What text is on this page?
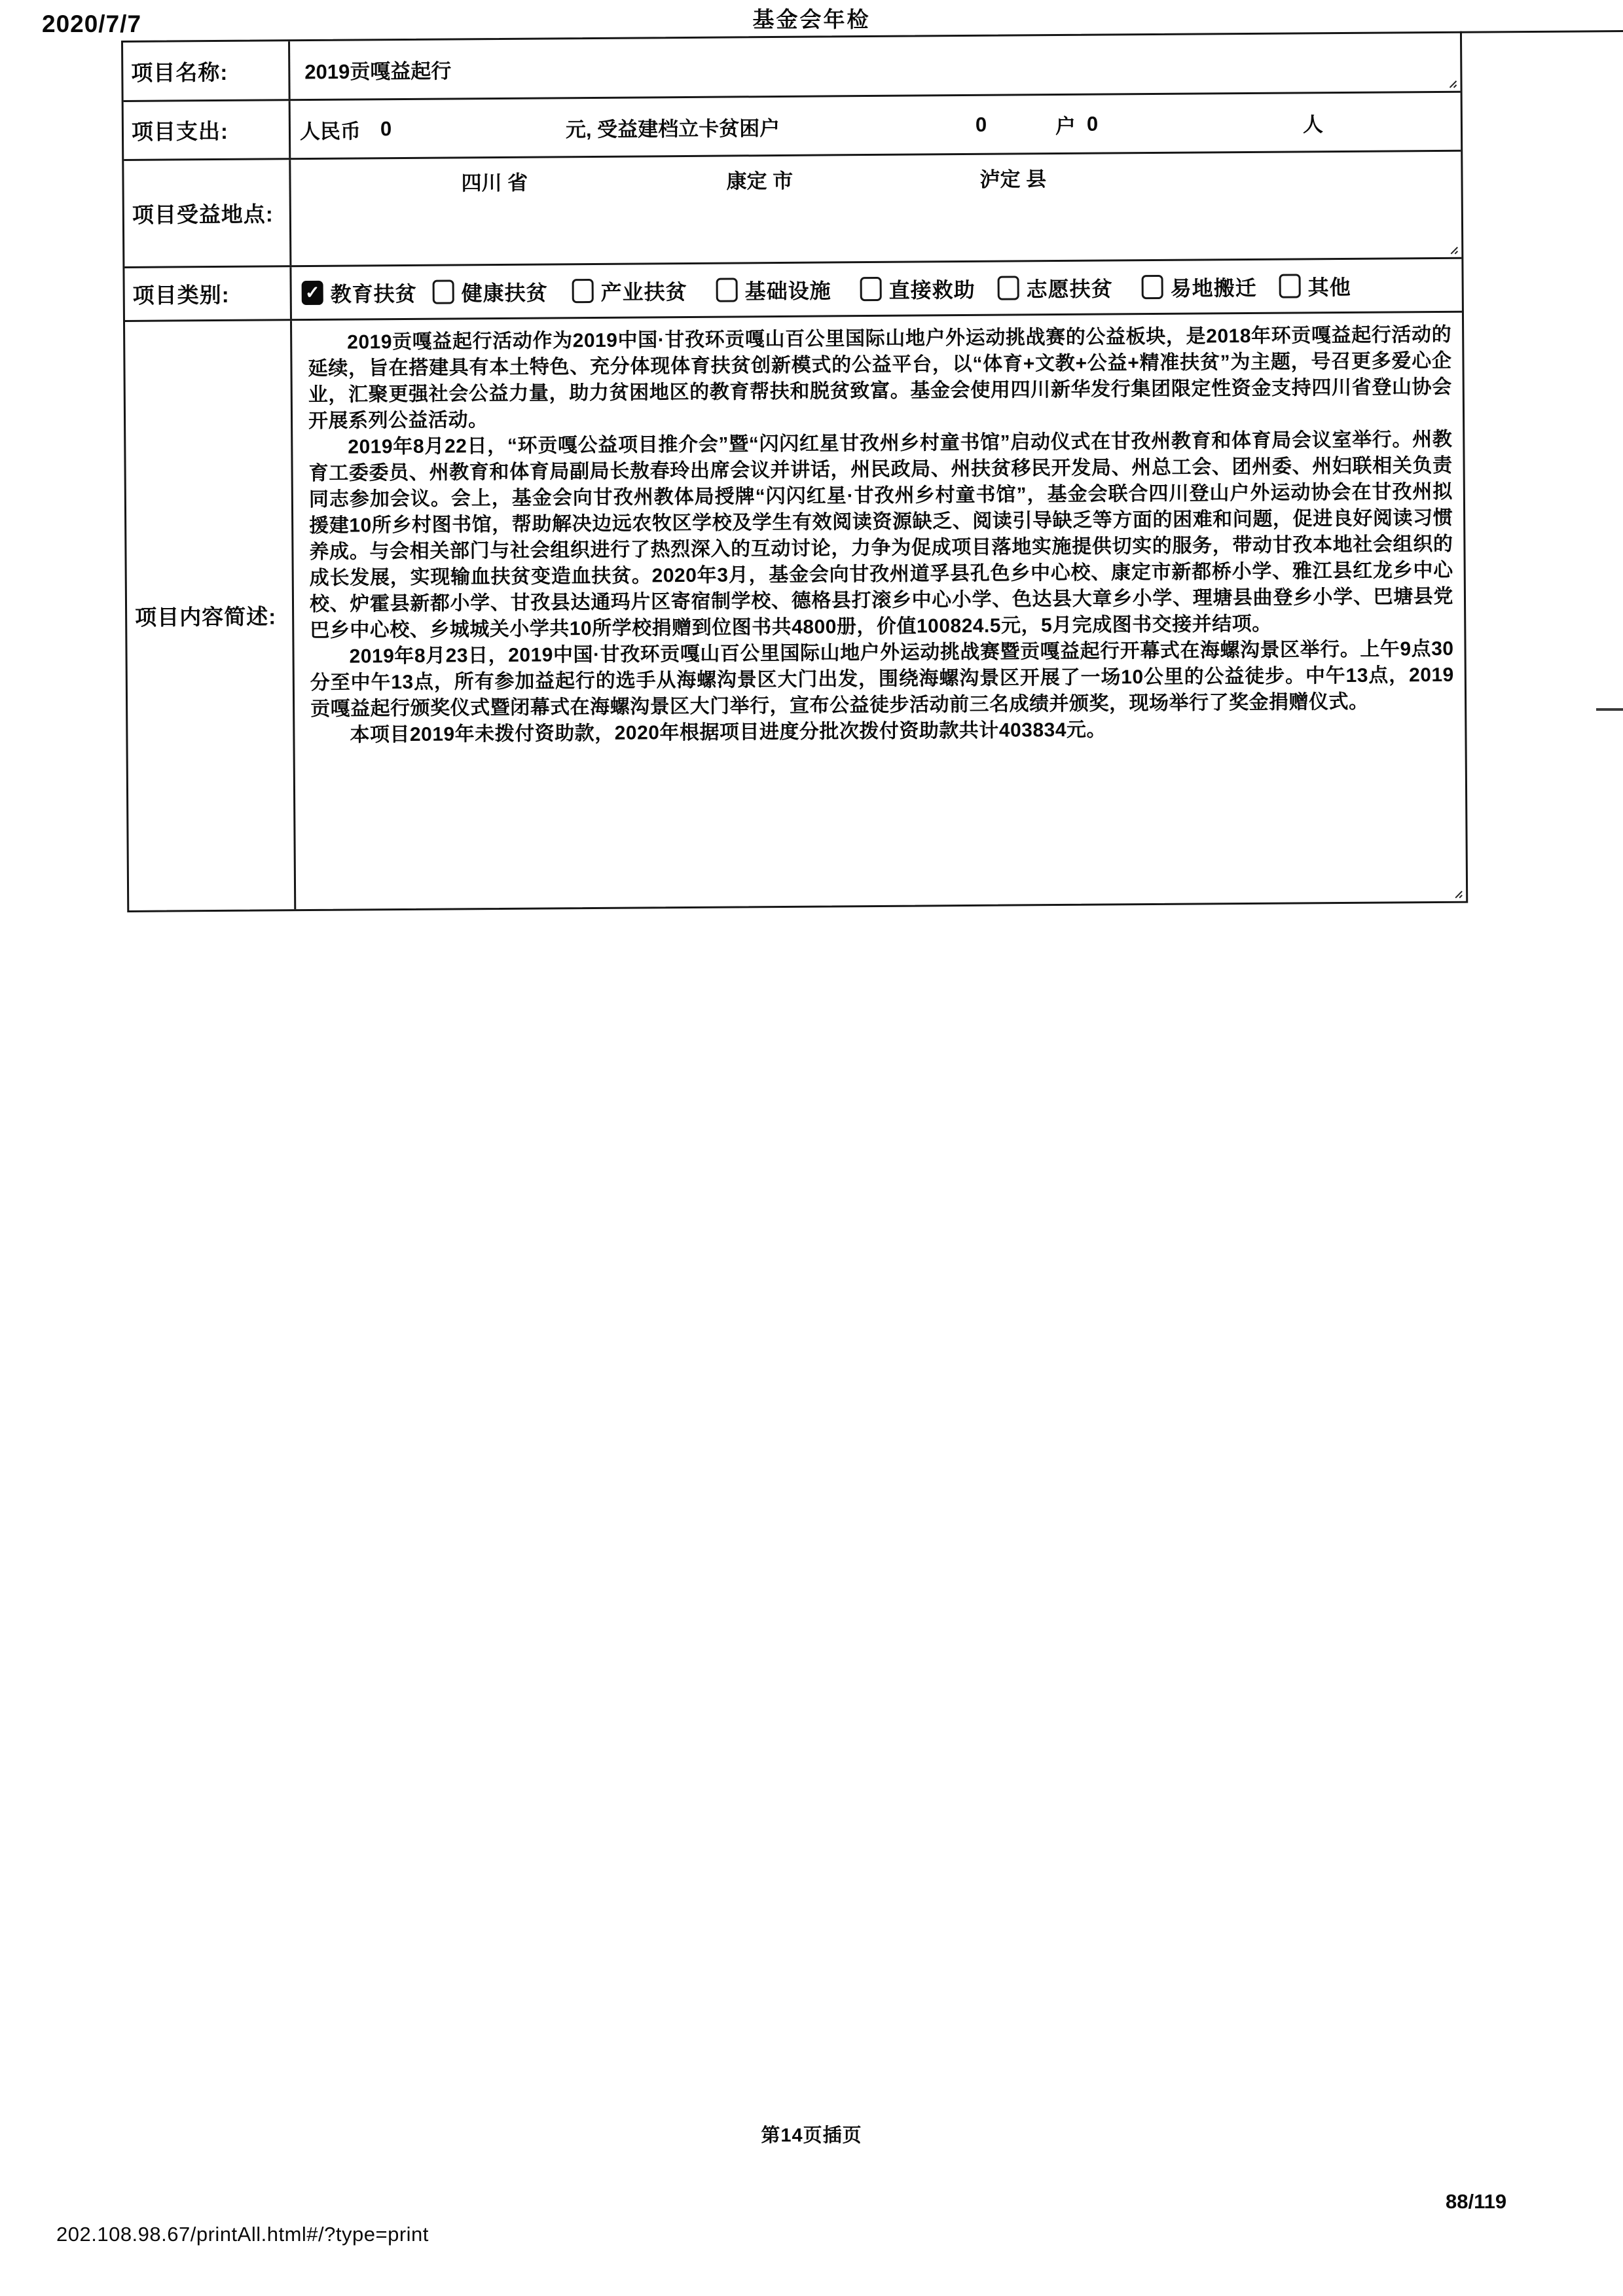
2020/7/7	基金会年检
项目名称:	2019贡嘎益起行
项目支出:	人民币 0	元, 受益建档立卡贫困户	0	户 0	人
项目受益地点:
四川 省	康定 市	泸定 县
项目类别:	✓ 教育扶贫 健康扶贫	产业扶贫	基础设施	直接救助 志愿扶贫	易地搬迁 其他
项目内容简述:

2019贡嘎益起行活动作为2019中国·甘孜环贡嘎山百公里国际山地户外运动挑战赛的公益板块，是2018年环贡嘎益起行活动的延续，旨在搭建具有本土特色、充分体现体育扶贫创新模式的公益平台，以“体育+文教+公益+精准扶贫”为主题，号召更多爱心企业，汇聚更强社会公益力量，助力贫困地区的教育帮扶和脱贫致富。基金会使用四川新华发行集团限定性资金支持四川省登山协会开展系列公益活动。

2019年8月22日，“环贡嘎公益项目推介会”暨“闪闪红星甘孜州乡村童书馆”启动仪式在甘孜州教育和体育局会议室举行。州教育工委委员、州教育和体育局副局长敖春玲出席会议并讲话，州民政局、州扶贫移民开发局、州总工会、团州委、州妇联相关负责同志参加会议。会上，基金会向甘孜州教体局授牌“闪闪红星·甘孜州乡村童书馆”，基金会联合四川登山户外运动协会在甘孜州拟援建10所乡村图书馆，帮助解决边远农牧区学校及学生有效阅读资源缺乏、阅读引导缺乏等方面的困难和问题，促进良好阅读习惯养成。与会相关部门与社会组织进行了热烈深入的互动讨论，力争为促成项目落地实施提供切实的服务，带动甘孜本地社会组织的成长发展，实现输血扶贫变造血扶贫。2020年3月，基金会向甘孜州道孚县孔色乡中心校、康定市新都桥小学、雅江县红龙乡中心校、炉霍县新都小学、甘孜县达通玛片区寄宿制学校、德格县打滚乡中心小学、色达县大章乡小学、理塘县曲登乡小学、巴塘县党巴乡中心校、乡城城关小学共10所学校捐赠到位图书共4800册，价值100824.5元，5月完成图书交接并结项。

2019年8月23日，2019中国·甘孜环贡嘎山百公里国际山地户外运动挑战赛暨贡嘎益起行开幕式在海螺沟景区举行。上午9点30分至中午13点，所有参加益起行的选手从海螺沟景区大门出发，围绕海螺沟景区开展了一场10公里的公益徒步。中午13点，2019贡嘎益起行颁奖仪式暨闭幕式在海螺沟景区大门举行，宣布公益徒步活动前三名成绩并颁奖，现场举行了奖金捐赠仪式。

本项目2019年未拨付资助款，2020年根据项目进度分批次拨付资助款共计403834元。

第14页插页
202.108.98.67/printAll.html#/?type=print
88/119
